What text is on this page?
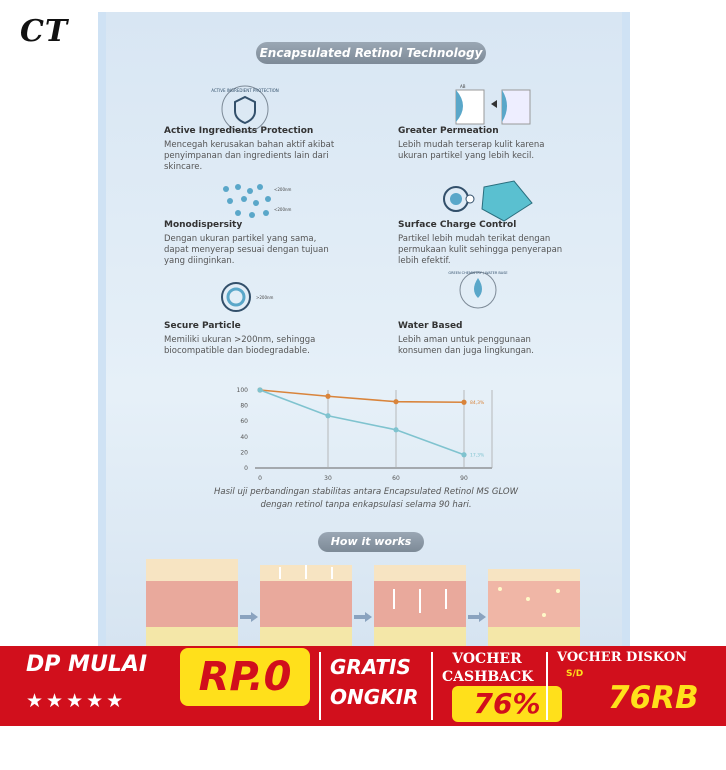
CT
Encapsulated Retinol Technology
ACTIVE INGREDIENT PROTECTION
AB
<200nm
<200nm
>200nm
GREEN CHEMISTRY / WATER BASE
Active Ingredients Protection
Mencegah kerusakan bahan aktif akibat
penyimpanan dan ingredients lain dari
skincare.
Greater Permeation
Lebih mudah terserap kulit karena
ukuran partikel yang lebih kecil.
Monodispersity
Dengan ukuran partikel yang sama,
dapat menyerap sesuai dengan tujuan
yang diinginkan.
Surface Charge Control
Partikel lebih mudah terikat dengan
permukaan kulit sehingga penyerapan
lebih efektif.
Secure Particle
Memiliki ukuran >200nm, sehingga
biocompatible dan biodegradable.
Water Based
Lebih aman untuk penggunaan
konsumen dan juga lingkungan.
0	30	60	90
100
80
60
40
20
0
84,3%
17,3%
Hasil uji perbandingan stabilitas antara Encapsulated Retinol MS GLOW
dengan retinol tanpa enkapsulasi selama 90 hari.
How it works
DP MULAI
★★★★★
RP.0	GRATIS
ONGKIR
VOCHER
CASHBACK
76%
VOCHER DISKON
S/D
76RB
